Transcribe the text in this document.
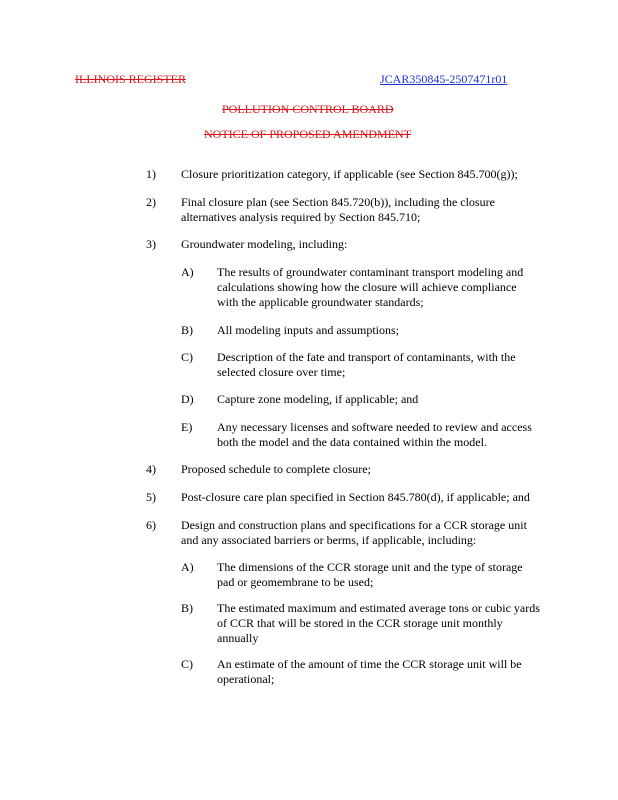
ILLINOIS REGISTER	JCAR350845-2507471r01
POLLUTION CONTROL BOARD
NOTICE OF PROPOSED AMENDMENT
1) Closure prioritization category, if applicable (see Section 845.700(g));
2) Final closure plan (see Section 845.720(b)), including the closure
alternatives analysis required by Section 845.710;
3) Groundwater modeling, including:
A) The results of groundwater contaminant transport modeling and
calculations showing how the closure will achieve compliance
with the applicable groundwater standards;
B) All modeling inputs and assumptions;
C) Description of the fate and transport of contaminants, with the
selected closure over time;
D) Capture zone modeling, if applicable; and
E) Any necessary licenses and software needed to review and access
both the model and the data contained within the model.
4) Proposed schedule to complete closure;
5) Post-closure care plan specified in Section 845.780(d), if applicable; and
6) Design and construction plans and specifications for a CCR storage unit
and any associated barriers or berms, if applicable, including:
A) The dimensions of the CCR storage unit and the type of storage
pad or geomembrane to be used;
B) The estimated maximum and estimated average tons or cubic yards
of CCR that will be stored in the CCR storage unit monthly
annually
C) An estimate of the amount of time the CCR storage unit will be
operational;
